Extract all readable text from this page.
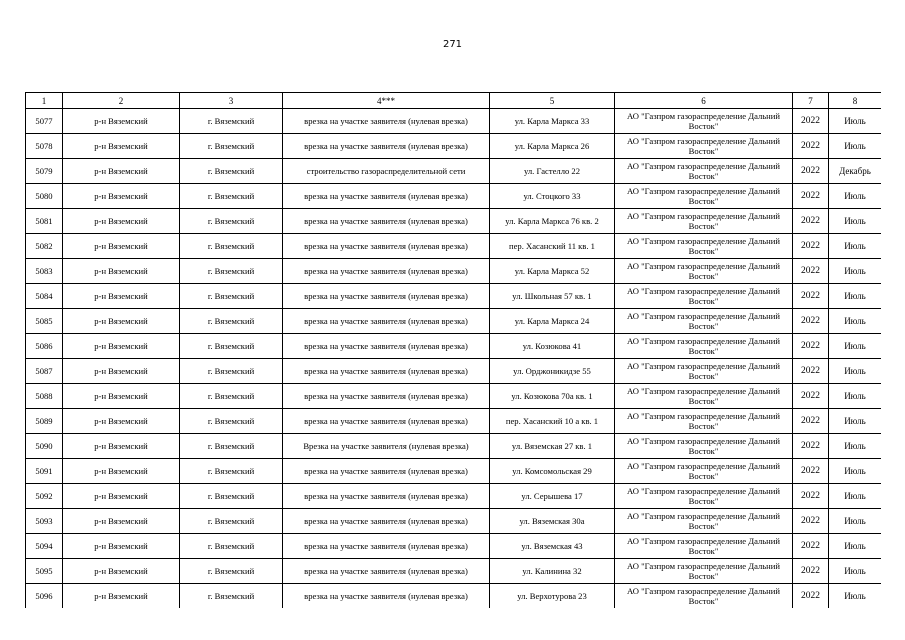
271
1	2	3	4***	5	6	7	8
5077	р-н Вяземский	г. Вяземский	врезка на участке заявителя (нулевая врезка)	ул. Карла Маркса 33	АО "Газпром газораспределение Дальний Восток"	2022	Июль
5078	р-н Вяземский	г. Вяземский	врезка на участке заявителя (нулевая врезка)	ул. Карла Маркса 26	АО "Газпром газораспределение Дальний Восток"	2022	Июль
5079	р-н Вяземский	г. Вяземский	строительство газораспределительной сети	ул. Гастелло 22	АО "Газпром газораспределение Дальний Восток"	2022	Декабрь
5080	р-н Вяземский	г. Вяземский	врезка на участке заявителя (нулевая врезка)	ул. Стоцкого 33	АО "Газпром газораспределение Дальний Восток"	2022	Июль
5081	р-н Вяземский	г. Вяземский	врезка на участке заявителя (нулевая врезка)	ул. Карла Маркса 76 кв. 2	АО "Газпром газораспределение Дальний Восток"	2022	Июль
5082	р-н Вяземский	г. Вяземский	врезка на участке заявителя (нулевая врезка)	пер. Хасанский 11 кв. 1	АО "Газпром газораспределение Дальний Восток"	2022	Июль
5083	р-н Вяземский	г. Вяземский	врезка на участке заявителя (нулевая врезка)	ул. Карла Маркса 52	АО "Газпром газораспределение Дальний Восток"	2022	Июль
5084	р-н Вяземский	г. Вяземский	врезка на участке заявителя (нулевая врезка)	ул. Школьная 57 кв. 1	АО "Газпром газораспределение Дальний Восток"	2022	Июль
5085	р-н Вяземский	г. Вяземский	врезка на участке заявителя (нулевая врезка)	ул. Карла Маркса 24	АО "Газпром газораспределение Дальний Восток"	2022	Июль
5086	р-н Вяземский	г. Вяземский	врезка на участке заявителя (нулевая врезка)	ул. Козюкова 41	АО "Газпром газораспределение Дальний Восток"	2022	Июль
5087	р-н Вяземский	г. Вяземский	врезка на участке заявителя (нулевая врезка)	ул. Орджоникидзе 55	АО "Газпром газораспределение Дальний Восток"	2022	Июль
5088	р-н Вяземский	г. Вяземский	врезка на участке заявителя (нулевая врезка)	ул. Козюкова 70а кв. 1	АО "Газпром газораспределение Дальний Восток"	2022	Июль
5089	р-н Вяземский	г. Вяземский	врезка на участке заявителя (нулевая врезка)	пер. Хасанский 10 а кв. 1	АО "Газпром газораспределение Дальний Восток"	2022	Июль
5090	р-н Вяземский	г. Вяземский	Врезка на участке заявителя (нулевая врезка)	ул. Вяземская 27 кв. 1	АО "Газпром газораспределение Дальний Восток"	2022	Июль
5091	р-н Вяземский	г. Вяземский	врезка на участке заявителя (нулевая врезка)	ул. Комсомольская 29	АО "Газпром газораспределение Дальний Восток"	2022	Июль
5092	р-н Вяземский	г. Вяземский	врезка на участке заявителя (нулевая врезка)	ул. Серышева 17	АО "Газпром газораспределение Дальний Восток"	2022	Июль
5093	р-н Вяземский	г. Вяземский	врезка на участке заявителя (нулевая врезка)	ул. Вяземская 30а	АО "Газпром газораспределение Дальний Восток"	2022	Июль
5094	р-н Вяземский	г. Вяземский	врезка на участке заявителя (нулевая врезка)	ул. Вяземская 43	АО "Газпром газораспределение Дальний Восток"	2022	Июль
5095	р-н Вяземский	г. Вяземский	врезка на участке заявителя (нулевая врезка)	ул. Калинина 32	АО "Газпром газораспределение Дальний Восток"	2022	Июль
5096	р-н Вяземский	г. Вяземский	врезка на участке заявителя (нулевая врезка)	ул. Верхотурова 23	АО "Газпром газораспределение Дальний Восток"	2022	Июль
